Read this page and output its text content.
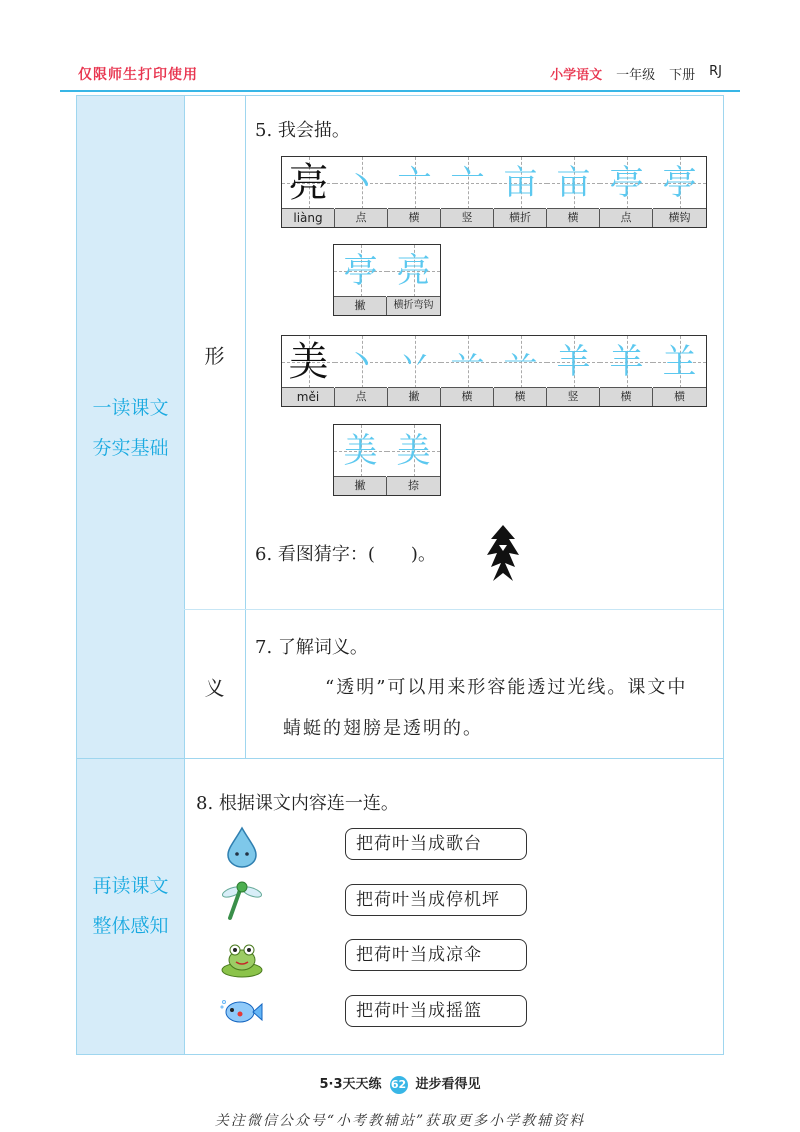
仅限师生打印使用	小学语文 一年级 下册 RJ
一读课文
夯实基础
再读课文
整体感知
形
义
5. 我会描。
亮
liàng
丶
点
亠
横
亠
竖
亩
横折
亩
横
亭
点
亭
横钩
亭
撇
亮
横折弯钩
美
měi
丶
点
丷
撇
䒑
横
䒑
横
羊
竖
羊
横
𦍌
横
美
撇
美
捺
6. 看图猜字：(　　)。
7. 了解词义。
“透明”可以用来形容能透过光线。课文中
蜻蜓的翅膀是透明的。
8. 根据课文内容连一连。
把荷叶当成歌台
把荷叶当成停机坪
把荷叶当成凉伞
把荷叶当成摇篮
5·3天天练 62 进步看得见
关注微信公众号“小考教辅站”获取更多小学教辅资料
